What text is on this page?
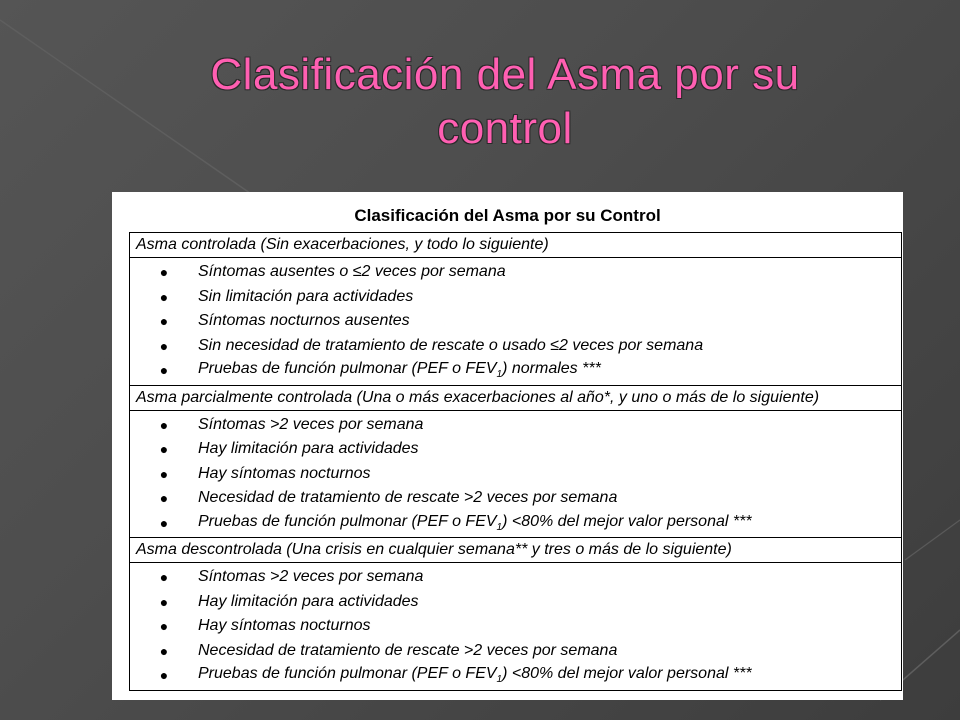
Clasificación del Asma por su
control
Clasificación del Asma por su Control
Asma controlada (Sin exacerbaciones, y todo lo siguiente)

●	Síntomas ausentes o ≤2 veces por semana
●	Sin limitación para actividades
●	Síntomas nocturnos ausentes
●	Sin necesidad de tratamiento de rescate o usado ≤2 veces por semana
●	Pruebas de función pulmonar (PEF o $FEV_1$) normales ***

Asma parcialmente controlada (Una o más exacerbaciones al año*, y uno o más de lo siguiente)

●	Síntomas >2 veces por semana
●	Hay limitación para actividades
●	Hay síntomas nocturnos
●	Necesidad de tratamiento de rescate >2 veces por semana
●	Pruebas de función pulmonar (PEF o $FEV_1) <80\%$ del mejor valor personal ***

Asma descontrolada (Una crisis en cualquier semana** y tres o más de lo siguiente)

●	Síntomas >2 veces por semana
●	Hay limitación para actividades
●	Hay síntomas nocturnos
●	Necesidad de tratamiento de rescate >2 veces por semana
●	Pruebas de función pulmonar (PEF o $FEV_1) <80\%$ del mejor valor personal ***
